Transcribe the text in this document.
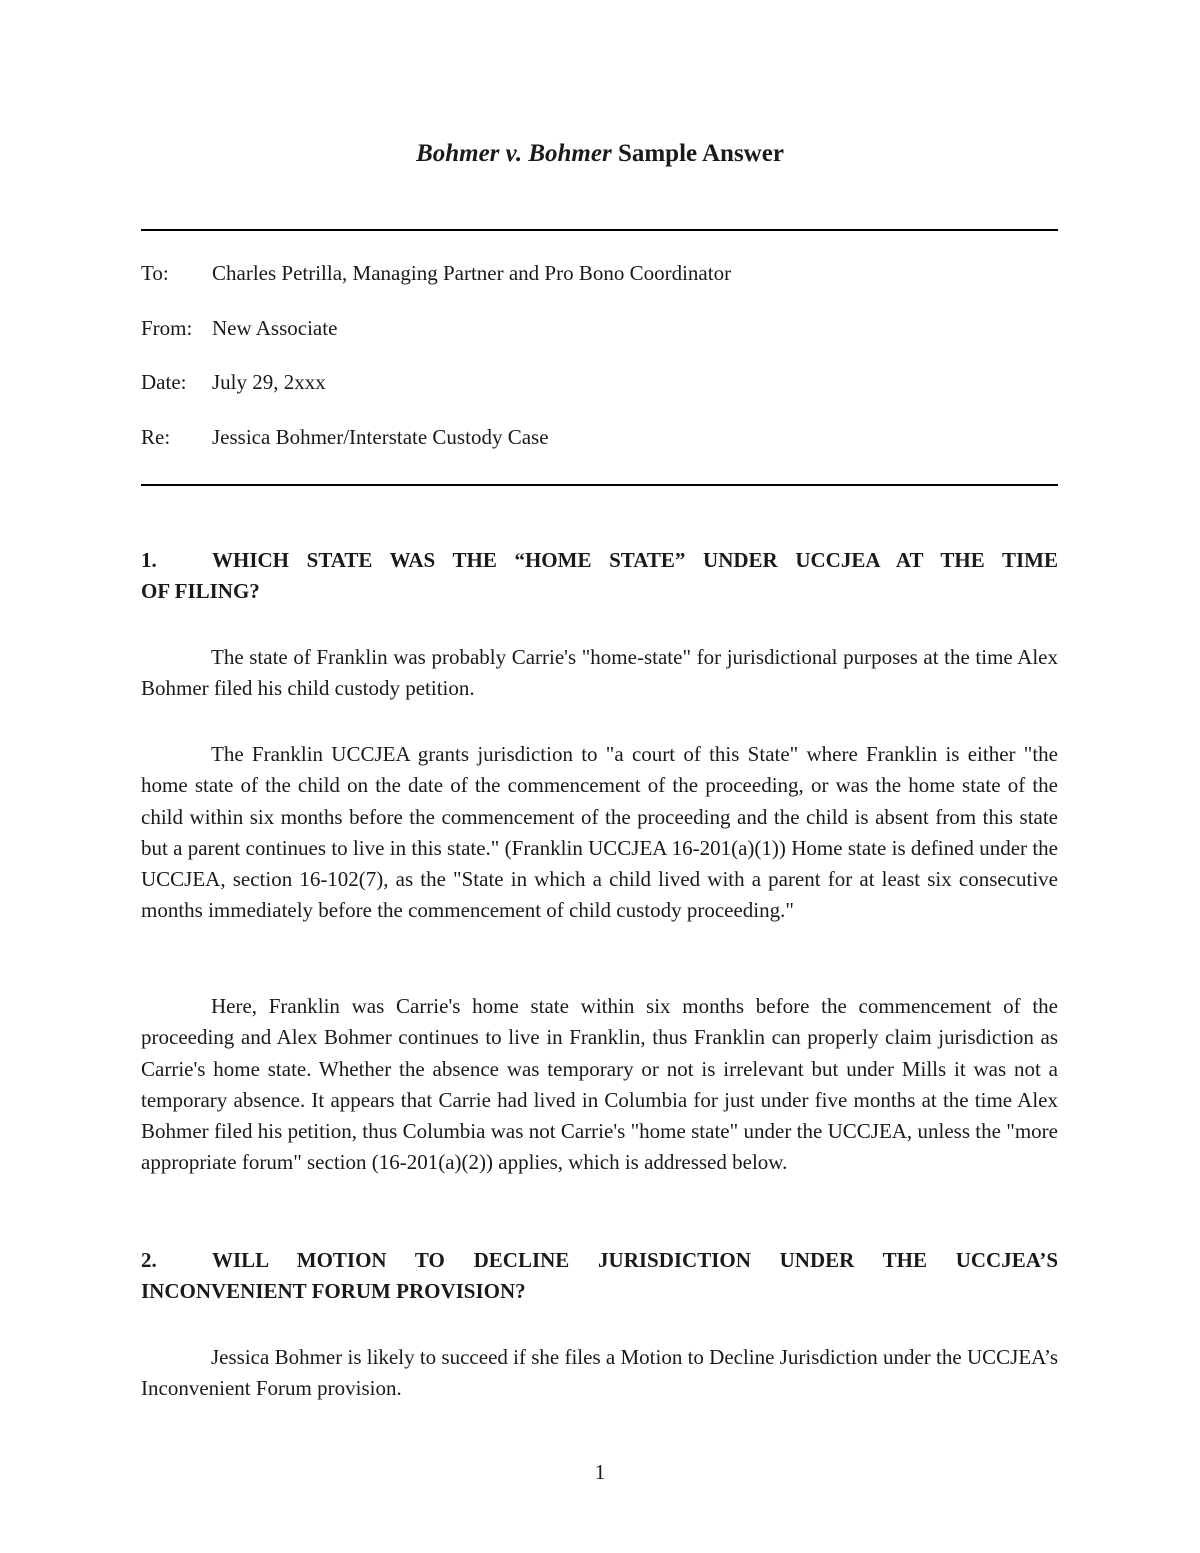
Bohmer v. Bohmer Sample Answer
To: Charles Petrilla, Managing Partner and Pro Bono Coordinator
From: New Associate
Date: July 29, 2xxx
Re: Jessica Bohmer/Interstate Custody Case
1.	WHICH STATE WAS THE “HOME STATE” UNDER UCCJEA AT THE TIME
OF FILING?

The state of Franklin was probably Carrie's "home-state" for jurisdictional purposes at the time Alex Bohmer filed his child custody petition.

The Franklin UCCJEA grants jurisdiction to "a court of this State" where Franklin is either "the home state of the child on the date of the commencement of the proceeding, or was the home state of the child within six months before the commencement of the proceeding and the child is absent from this state but a parent continues to live in this state." (Franklin UCCJEA 16-201(a)(1)) Home state is defined under the UCCJEA, section 16-102(7), as the "State in which a child lived with a parent for at least six consecutive months immediately before the commencement of child custody proceeding."

Here, Franklin was Carrie's home state within six months before the commencement of the proceeding and Alex Bohmer continues to live in Franklin, thus Franklin can properly claim jurisdiction as Carrie's home state. Whether the absence was temporary or not is irrelevant but under Mills it was not a temporary absence. It appears that Carrie had lived in Columbia for just under five months at the time Alex Bohmer filed his petition, thus Columbia was not Carrie's "home state" under the UCCJEA, unless the "more appropriate forum" section (16-201(a)(2)) applies, which is addressed below.

2.	WILL MOTION TO DECLINE JURISDICTION UNDER THE UCCJEA’S
INCONVENIENT FORUM PROVISION?

Jessica Bohmer is likely to succeed if she files a Motion to Decline Jurisdiction under the UCCJEA’s Inconvenient Forum provision.

1
